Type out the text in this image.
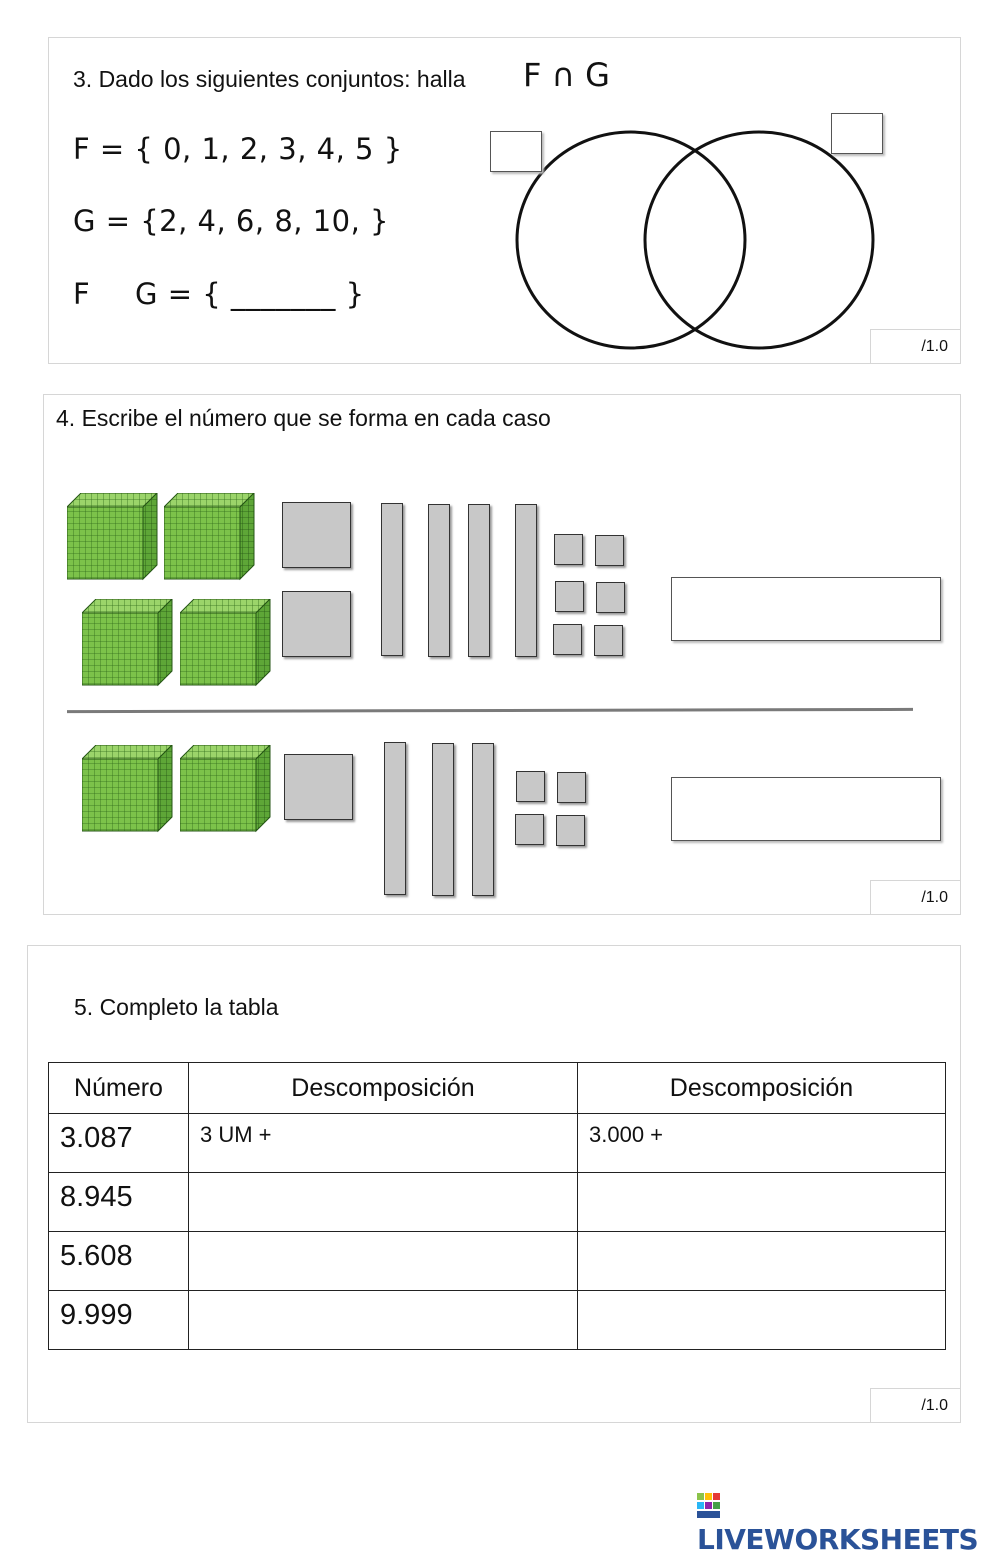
3. Dado los siguientes conjuntos: halla F ∩ G
F = { 0, 1, 2, 3, 4, 5 }
G = {2, 4, 6, 8, 10, }
F G = { _______ }
/1.0
4. Escribe el número que se forma en cada caso
/1.0
5. Completo la tabla
/1.0
Número	Descomposición	Descomposición
3.087	3 UM +	3.000 +
8.945		
5.608		
9.999		
LIVEWORKSHEETS
